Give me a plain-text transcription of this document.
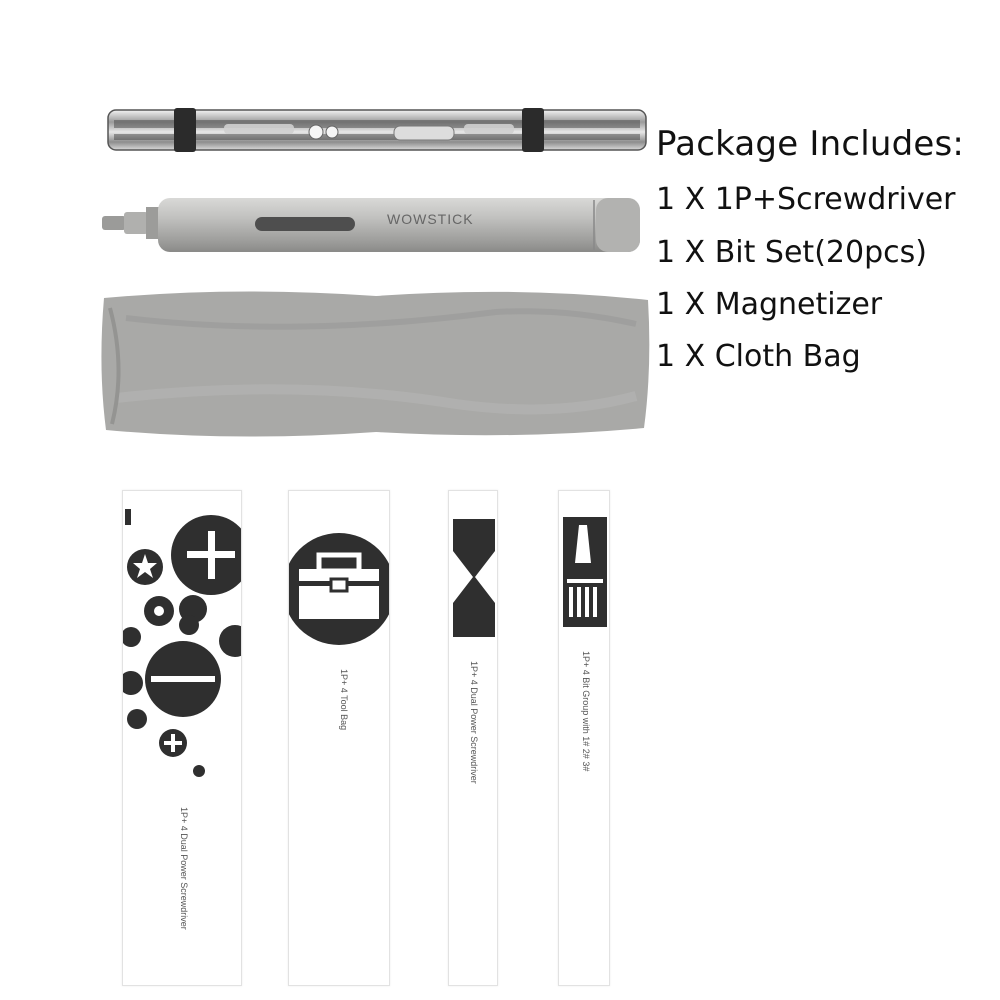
WOWSTICK
Package Includes:
1 X 1P+Screwdriver
1 X Bit Set(20pcs)
1 X Magnetizer
1 X Cloth Bag
1P+ 4 Dual Power Screwdriver
1P+ 4 Tool Bag	1P+ 4 Dual Power Screwdriver	1P+ 4 Bit Group with 1# 2# 3#
